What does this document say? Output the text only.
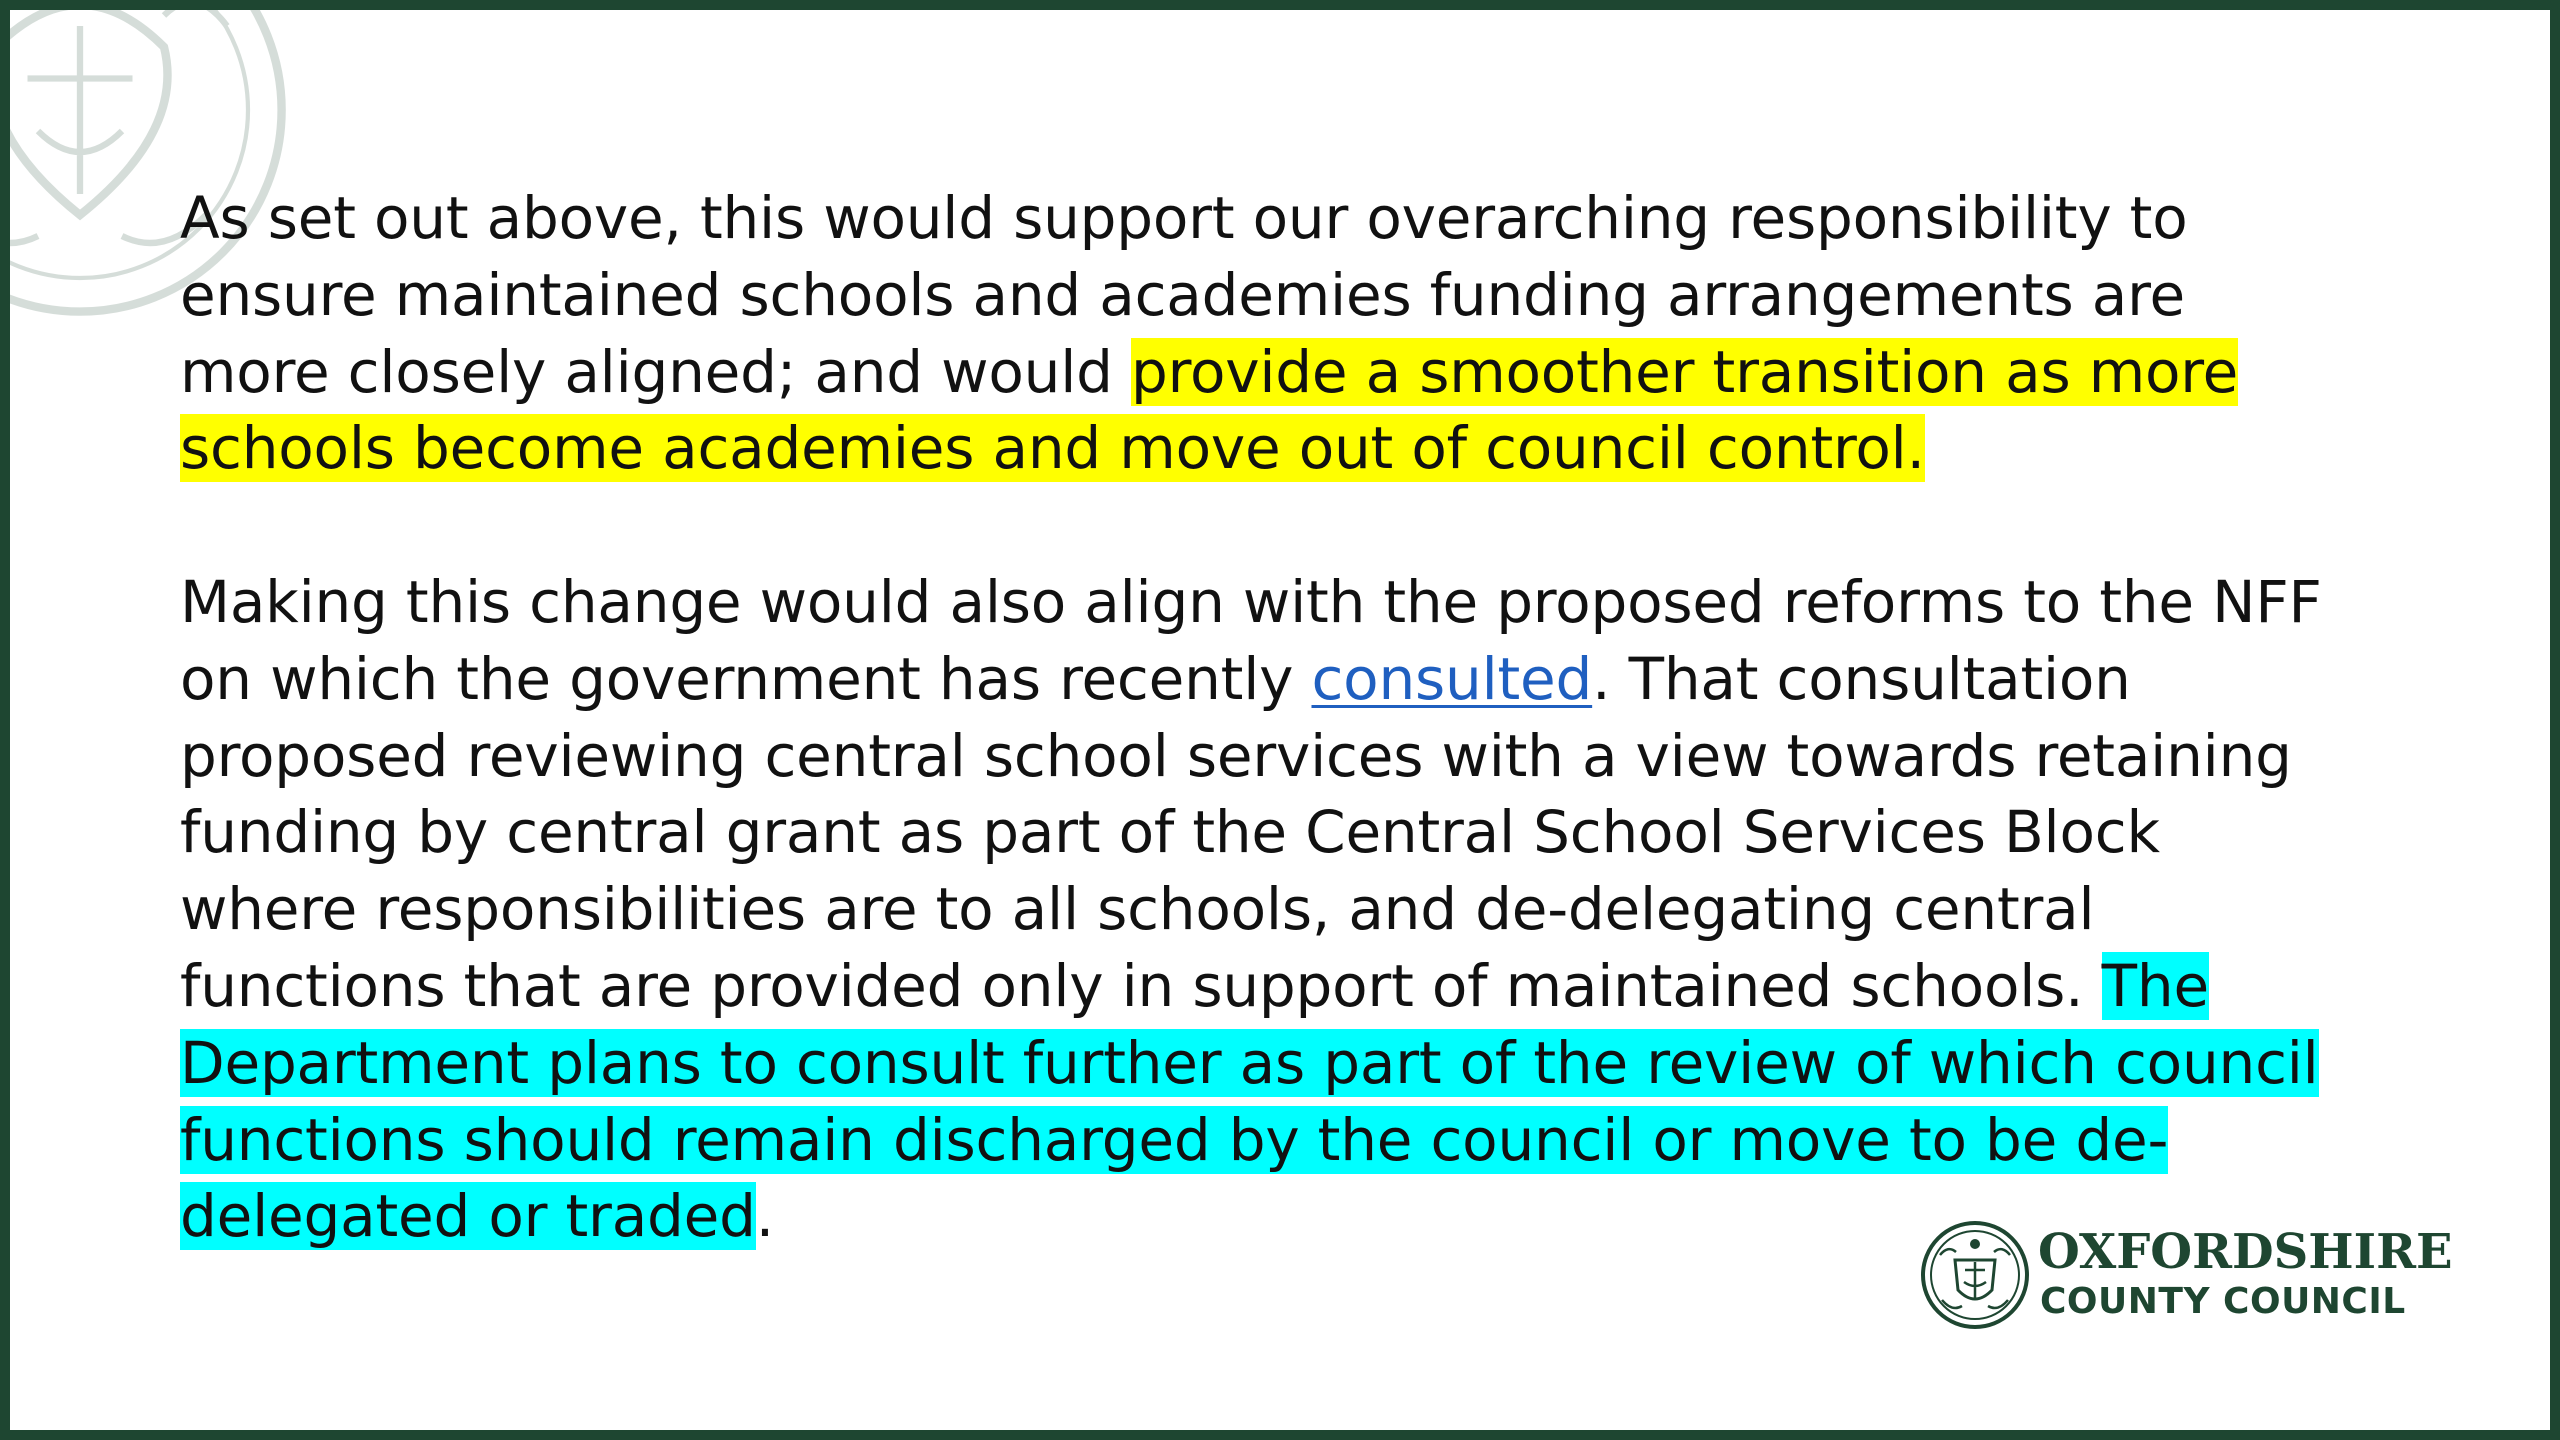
As set out above, this would support our overarching responsibility to ensure maintained schools and academies funding arrangements are more closely aligned; and would provide a smoother transition as more schools become academies and move out of council control.

Making this change would also align with the proposed reforms to the NFF on which the government has recently consulted. That consultation proposed reviewing central school services with a view towards retaining funding by central grant as part of the Central School Services Block where responsibilities are to all schools, and de-delegating central functions that are provided only in support of maintained schools. The Department plans to consult further as part of the review of which council functions should remain discharged by the council or move to be de-delegated or traded.

OXFORDSHIRE
COUNTY COUNCIL
